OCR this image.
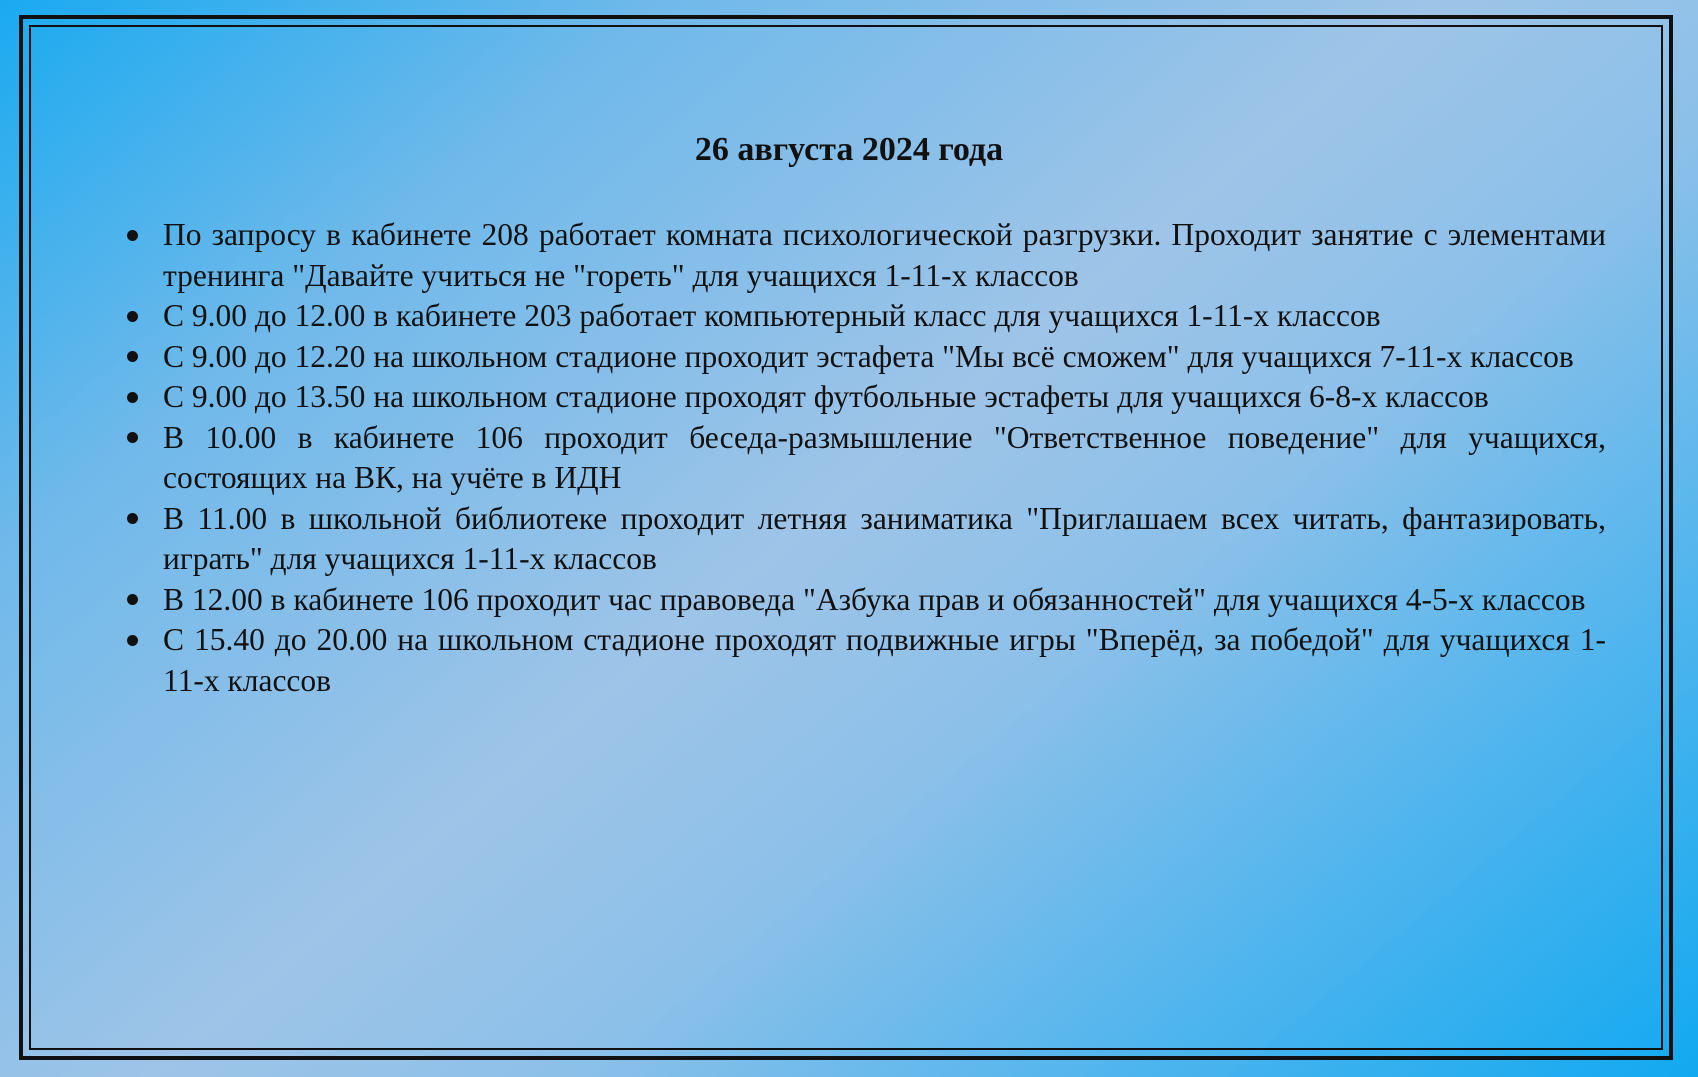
26 августа 2024 года
По запросу в кабинете 208 работает комната психологической разгрузки. Проходит занятие с элементами тренинга "Давайте учиться не "гореть" для учащихся 1-11-х классов
С 9.00 до 12.00 в кабинете 203 работает компьютерный класс для учащихся 1-11-х классов
С 9.00 до 12.20 на школьном стадионе проходит эстафета "Мы всё сможем" для учащихся 7-11-х классов
С 9.00 до 13.50 на школьном стадионе проходят футбольные эстафеты для учащихся 6-8-х классов
В 10.00 в кабинете 106 проходит беседа-размышление "Ответственное поведение" для учащихся, состоящих на ВК, на учёте в ИДН
В 11.00 в школьной библиотеке проходит летняя заниматика "Приглашаем всех читать, фантазировать, играть" для учащихся 1-11-х классов
В 12.00 в кабинете 106 проходит час правоведа "Азбука прав и обязанностей" для учащихся 4-5-х классов
С 15.40 до 20.00 на школьном стадионе проходят подвижные игры "Вперёд, за победой" для учащихся 1-11-х классов
